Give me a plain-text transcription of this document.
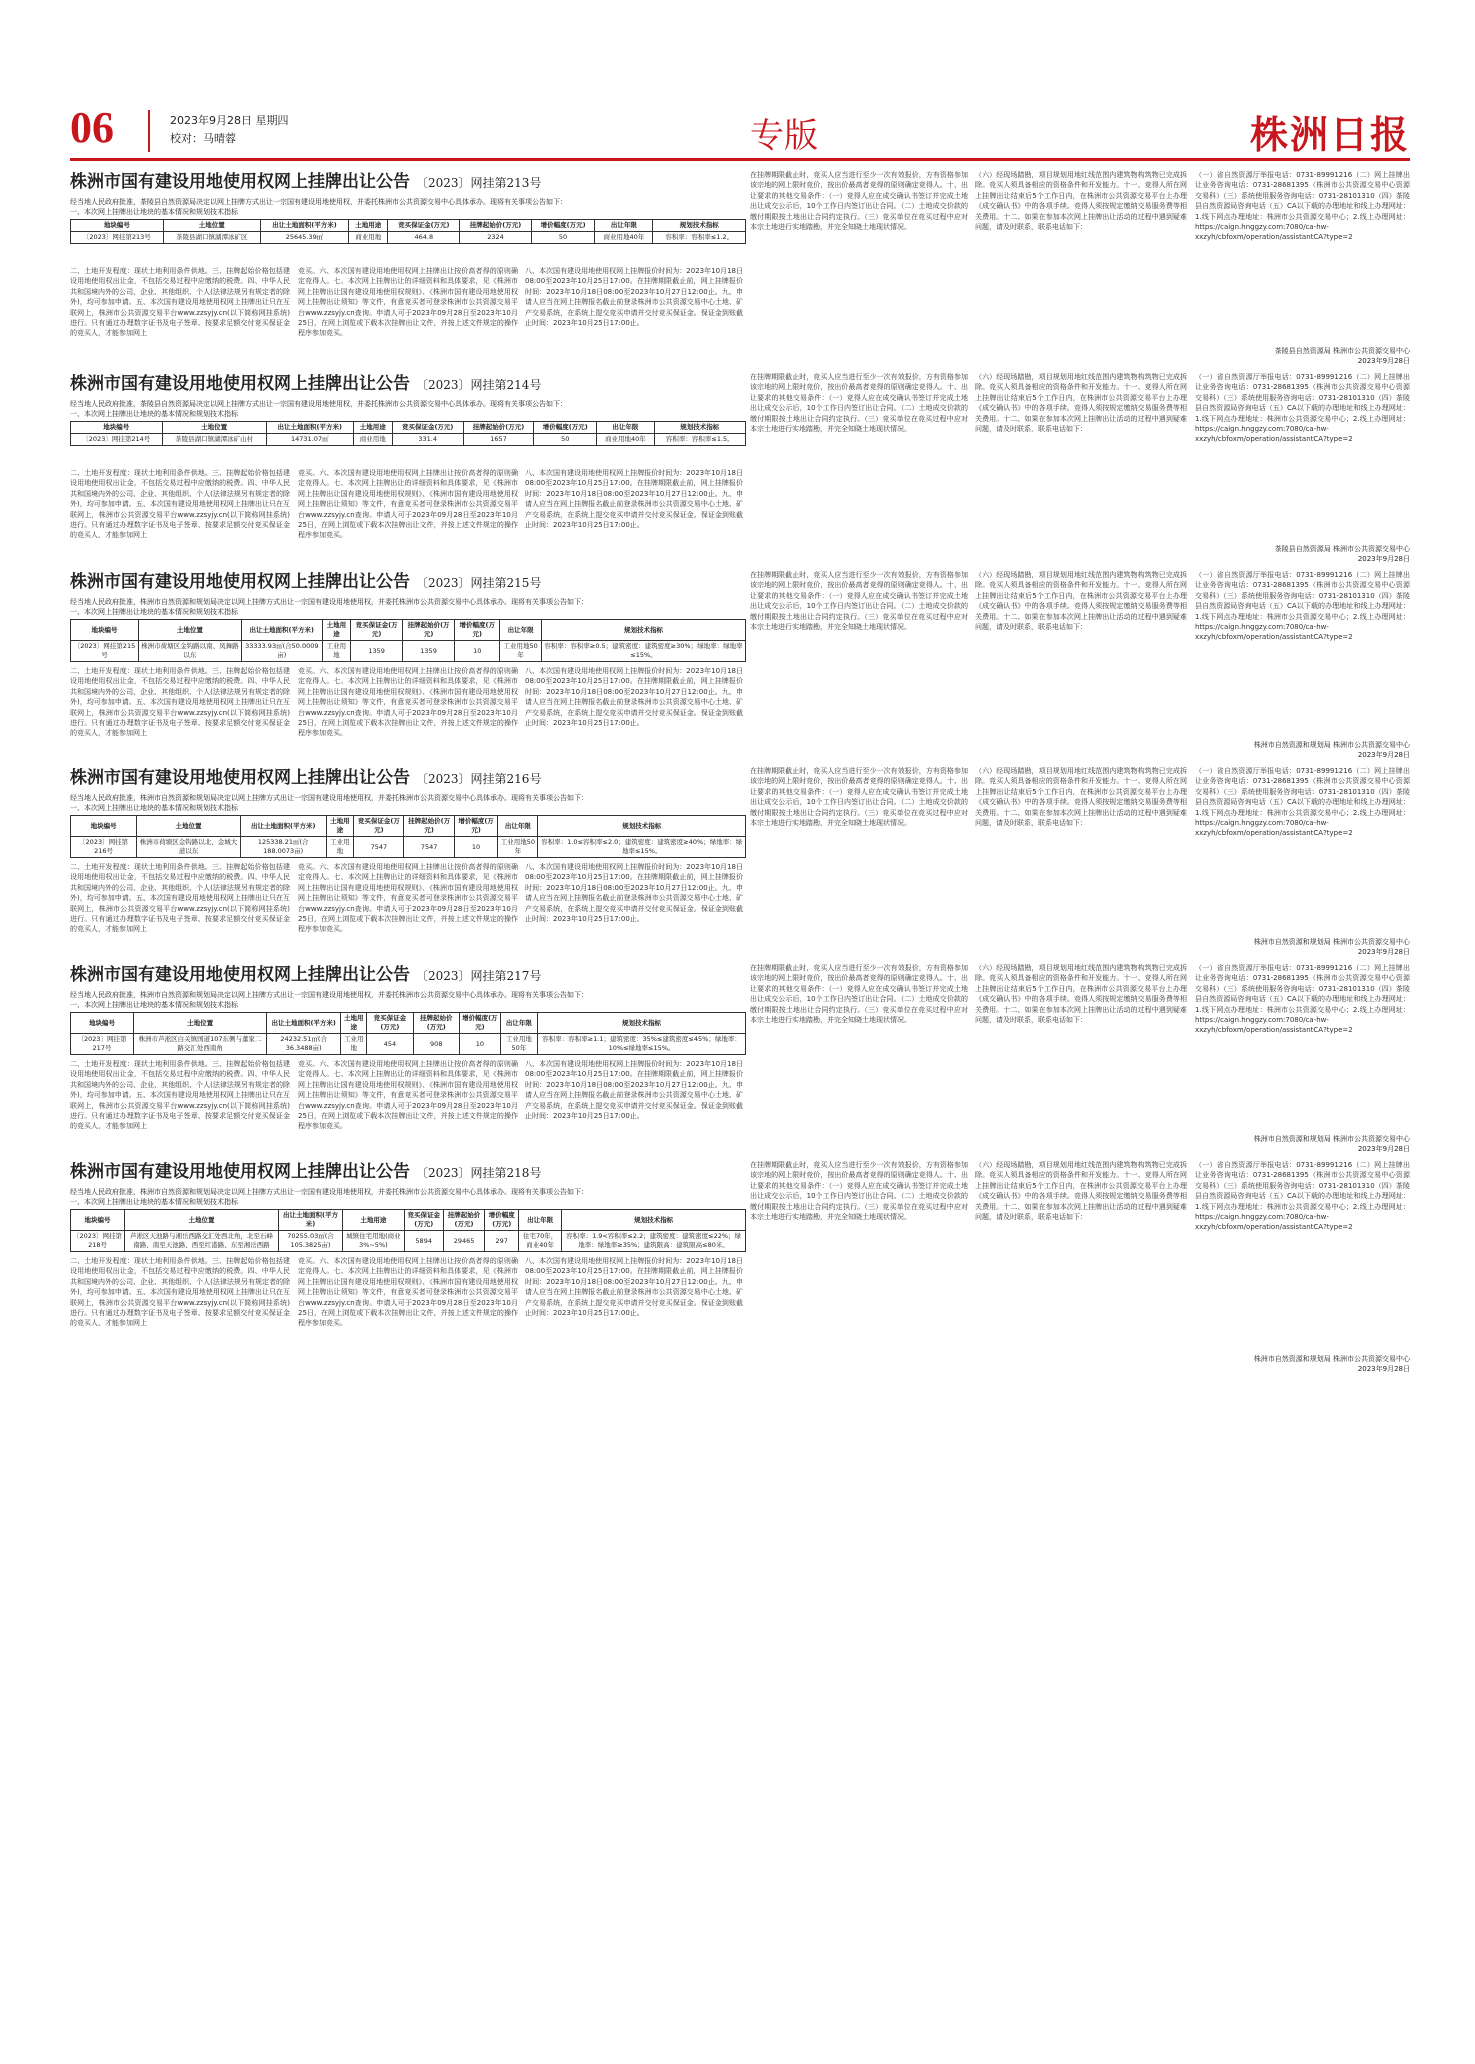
06	2023年9月28日 星期四
校对：马晴蓉	专版	株洲日报
株洲市国有建设用地使用权网上挂牌出让公告 〔2023〕网挂第213号
经当地人民政府批准，茶陵县自然资源局决定以网上挂牌方式出让一宗国有建设用地使用权，并委托株洲市公共资源交易中心具体承办。现将有关事项公告如下：
一、本次网上挂牌出让地块的基本情况和规划技术指标
地块编号	土地位置	出让土地面积(平方米)	土地用途	竞买保证金(万元)	挂牌起始价(万元)	增价幅度(万元)	出让年限	规划技术指标
〔2023〕网挂第213号	茶陵县湖口镇湖潭冰矿区	25645.39㎡	商业用地	464.8	2324	50	商业用地40年	容积率：容积率≤1.2。
二、土地开发程度：现状土地利用条件供地。三、挂牌起始价格包括建设用地使用权出让金，不包括交易过程中应缴纳的税费。四、中华人民共和国境内外的公司、企业、其他组织、个人(法律法规另有规定者的除外)，均可参加申请。五、本次国有建设用地使用权网上挂牌出让只在互联网上，株洲市公共资源交易平台www.zzsyjy.cn(以下简称网挂系统)进行。只有通过办理数字证书及电子签章、按要求足额交付竞买保证金的竞买人，才能参加网上
竞买。六、本次国有建设用地使用权网上挂牌出让按价高者得的原则确定竞得人。七、本次网上挂牌出让的详细资料和具体要求，见《株洲市网上挂牌出让国有建设用地使用权规则》、《株洲市国有建设用地使用权网上挂牌出让须知》等文件，有意竞买者可登录株洲市公共资源交易平台www.zzsyjy.cn查询。申请人可于2023年09月28日至2023年10月25日，在网上浏览或下载本次挂牌出让文件，并按上述文件规定的操作程序参加竞买。
八、本次国有建设用地使用权网上挂牌报价时间为：2023年10月18日08:00至2023年10月25日17:00。在挂牌期限截止前，网上挂牌报价时间：2023年10月18日08:00至2023年10月27日12:00止。九、申请人应当在网上挂牌报名截止前登录株洲市公共资源交易中心土地、矿产交易系统，在系统上提交竞买申请并交付竞买保证金。保证金到账截止时间：2023年10月25日17:00止。
在挂牌期限截止时，竞买人应当进行至少一次有效报价，方有资格参加该宗地的网上限时竞价，按出价最高者竞得的原则确定竞得人。十、出让要求的其他交易条件：（一）竞得人应在成交确认书签订并完成土地出让成交公示后，10个工作日内签订出让合同。（二）土地成交价款的缴付期限按土地出让合同约定执行。（三）竞买单位在竞买过程中应对本宗土地进行实地踏勘，并完全知晓土地现状情况。
（六）经现场踏勘，项目规划用地红线范围内建筑物构筑物已完成拆除。竞买人须具备相应的资格条件和开发能力。十一、竞得人所在网上挂牌出让结束后5个工作日内，在株洲市公共资源交易平台上办理《成交确认书》中的各项手续。竞得人须按规定缴纳交易服务费等相关费用。十二、如果在参加本次网上挂牌出让活动的过程中遇到疑难问题，请及时联系，联系电话如下：
（一）省自然资源厅举报电话：0731-89991216（二）网上挂牌出让业务咨询电话：0731-28681395（株洲市公共资源交易中心资源交易科）（三）系统使用服务咨询电话：0731-28101310（四）茶陵县自然资源局咨询电话（五）CA以下载的办理地址和线上办理网址：1.线下网点办理地址：株洲市公共资源交易中心；2.线上办理网址：https://caign.hnggzy.com:7080/ca-hw-xxzyh/cbfoxm/operation/assistantCA?type=2
茶陵县自然资源局 株洲市公共资源交易中心
2023年9月28日
株洲市国有建设用地使用权网上挂牌出让公告 〔2023〕网挂第214号
经当地人民政府批准，茶陵县自然资源局决定以网上挂牌方式出让一宗国有建设用地使用权，并委托株洲市公共资源交易中心具体承办。现将有关事项公告如下：
一、本次网上挂牌出让地块的基本情况和规划技术指标
地块编号	土地位置	出让土地面积(平方米)	土地用途	竞买保证金(万元)	挂牌起始价(万元)	增价幅度(万元)	出让年限	规划技术指标
〔2023〕网挂第214号	茶陵县湖口镇湖潭冰矿山村	14731.07㎡	商业用地	331.4	1657	50	商业用地40年	容积率：容积率≤1.5。
二、土地开发程度：现状土地利用条件供地。三、挂牌起始价格包括建设用地使用权出让金，不包括交易过程中应缴纳的税费。四、中华人民共和国境内外的公司、企业、其他组织、个人(法律法规另有规定者的除外)，均可参加申请。五、本次国有建设用地使用权网上挂牌出让只在互联网上，株洲市公共资源交易平台www.zzsyjy.cn(以下简称网挂系统)进行。只有通过办理数字证书及电子签章、按要求足额交付竞买保证金的竞买人，才能参加网上
竞买。六、本次国有建设用地使用权网上挂牌出让按价高者得的原则确定竞得人。七、本次网上挂牌出让的详细资料和具体要求，见《株洲市网上挂牌出让国有建设用地使用权规则》、《株洲市国有建设用地使用权网上挂牌出让须知》等文件，有意竞买者可登录株洲市公共资源交易平台www.zzsyjy.cn查询。申请人可于2023年09月28日至2023年10月25日，在网上浏览或下载本次挂牌出让文件，并按上述文件规定的操作程序参加竞买。
八、本次国有建设用地使用权网上挂牌报价时间为：2023年10月18日08:00至2023年10月25日17:00。在挂牌期限截止前，网上挂牌报价时间：2023年10月18日08:00至2023年10月27日12:00止。九、申请人应当在网上挂牌报名截止前登录株洲市公共资源交易中心土地、矿产交易系统，在系统上提交竞买申请并交付竞买保证金。保证金到账截止时间：2023年10月25日17:00止。
在挂牌期限截止时，竞买人应当进行至少一次有效报价，方有资格参加该宗地的网上限时竞价，按出价最高者竞得的原则确定竞得人。十、出让要求的其他交易条件：（一）竞得人应在成交确认书签订并完成土地出让成交公示后，10个工作日内签订出让合同。（二）土地成交价款的缴付期限按土地出让合同约定执行。（三）竞买单位在竞买过程中应对本宗土地进行实地踏勘，并完全知晓土地现状情况。
（六）经现场踏勘，项目规划用地红线范围内建筑物构筑物已完成拆除。竞买人须具备相应的资格条件和开发能力。十一、竞得人所在网上挂牌出让结束后5个工作日内，在株洲市公共资源交易平台上办理《成交确认书》中的各项手续。竞得人须按规定缴纳交易服务费等相关费用。十二、如果在参加本次网上挂牌出让活动的过程中遇到疑难问题，请及时联系，联系电话如下：
（一）省自然资源厅举报电话：0731-89991216（二）网上挂牌出让业务咨询电话：0731-28681395（株洲市公共资源交易中心资源交易科）（三）系统使用服务咨询电话：0731-28101310（四）茶陵县自然资源局咨询电话（五）CA以下载的办理地址和线上办理网址：1.线下网点办理地址：株洲市公共资源交易中心；2.线上办理网址：https://caign.hnggzy.com:7080/ca-hw-xxzyh/cbfoxm/operation/assistantCA?type=2
茶陵县自然资源局 株洲市公共资源交易中心
2023年9月28日
株洲市国有建设用地使用权网上挂牌出让公告 〔2023〕网挂第215号
经当地人民政府批准，株洲市自然资源和规划局决定以网上挂牌方式出让一宗国有建设用地使用权，并委托株洲市公共资源交易中心具体承办。现将有关事项公告如下：
一、本次网上挂牌出让地块的基本情况和规划技术指标
地块编号	土地位置	出让土地面积(平方米)	土地用途	竞买保证金(万元)	挂牌起始价(万元)	增价幅度(万元)	出让年限	规划技术指标
〔2023〕网挂第215号	株洲市荷塘区金钩路以南、凤舞路以东	33333.93㎡(合50.0009亩)	工业用地	1359	1359	10	工业用地50年	容积率：容积率≥0.5；建筑密度：建筑密度≥30%；绿地率：绿地率≤15%。
二、土地开发程度：现状土地利用条件供地。三、挂牌起始价格包括建设用地使用权出让金，不包括交易过程中应缴纳的税费。四、中华人民共和国境内外的公司、企业、其他组织、个人(法律法规另有规定者的除外)，均可参加申请。五、本次国有建设用地使用权网上挂牌出让只在互联网上，株洲市公共资源交易平台www.zzsyjy.cn(以下简称网挂系统)进行。只有通过办理数字证书及电子签章、按要求足额交付竞买保证金的竞买人，才能参加网上
竞买。六、本次国有建设用地使用权网上挂牌出让按价高者得的原则确定竞得人。七、本次网上挂牌出让的详细资料和具体要求，见《株洲市网上挂牌出让国有建设用地使用权规则》、《株洲市国有建设用地使用权网上挂牌出让须知》等文件，有意竞买者可登录株洲市公共资源交易平台www.zzsyjy.cn查询。申请人可于2023年09月28日至2023年10月25日，在网上浏览或下载本次挂牌出让文件，并按上述文件规定的操作程序参加竞买。
八、本次国有建设用地使用权网上挂牌报价时间为：2023年10月18日08:00至2023年10月25日17:00。在挂牌期限截止前，网上挂牌报价时间：2023年10月18日08:00至2023年10月27日12:00止。九、申请人应当在网上挂牌报名截止前登录株洲市公共资源交易中心土地、矿产交易系统，在系统上提交竞买申请并交付竞买保证金。保证金到账截止时间：2023年10月25日17:00止。
在挂牌期限截止时，竞买人应当进行至少一次有效报价，方有资格参加该宗地的网上限时竞价，按出价最高者竞得的原则确定竞得人。十、出让要求的其他交易条件：（一）竞得人应在成交确认书签订并完成土地出让成交公示后，10个工作日内签订出让合同。（二）土地成交价款的缴付期限按土地出让合同约定执行。（三）竞买单位在竞买过程中应对本宗土地进行实地踏勘，并完全知晓土地现状情况。
（六）经现场踏勘，项目规划用地红线范围内建筑物构筑物已完成拆除。竞买人须具备相应的资格条件和开发能力。十一、竞得人所在网上挂牌出让结束后5个工作日内，在株洲市公共资源交易平台上办理《成交确认书》中的各项手续。竞得人须按规定缴纳交易服务费等相关费用。十二、如果在参加本次网上挂牌出让活动的过程中遇到疑难问题，请及时联系，联系电话如下：
（一）省自然资源厅举报电话：0731-89991216（二）网上挂牌出让业务咨询电话：0731-28681395（株洲市公共资源交易中心资源交易科）（三）系统使用服务咨询电话：0731-28101310（四）茶陵县自然资源局咨询电话（五）CA以下载的办理地址和线上办理网址：1.线下网点办理地址：株洲市公共资源交易中心；2.线上办理网址：https://caign.hnggzy.com:7080/ca-hw-xxzyh/cbfoxm/operation/assistantCA?type=2
株洲市自然资源和规划局 株洲市公共资源交易中心
2023年9月28日
株洲市国有建设用地使用权网上挂牌出让公告 〔2023〕网挂第216号
经当地人民政府批准，株洲市自然资源和规划局决定以网上挂牌方式出让一宗国有建设用地使用权，并委托株洲市公共资源交易中心具体承办。现将有关事项公告如下：
一、本次网上挂牌出让地块的基本情况和规划技术指标
地块编号	土地位置	出让土地面积(平方米)	土地用途	竞买保证金(万元)	挂牌起始价(万元)	增价幅度(万元)	出让年限	规划技术指标
〔2023〕网挂第216号	株洲市荷塘区金钩路以北、金城大道以东	125338.21㎡(合188.0073亩)	工业用地	7547	7547	10	工业用地50年	容积率：1.0≤容积率≤2.0；建筑密度：建筑密度≥40%；绿地率：绿地率≤15%。
二、土地开发程度：现状土地利用条件供地。三、挂牌起始价格包括建设用地使用权出让金，不包括交易过程中应缴纳的税费。四、中华人民共和国境内外的公司、企业、其他组织、个人(法律法规另有规定者的除外)，均可参加申请。五、本次国有建设用地使用权网上挂牌出让只在互联网上，株洲市公共资源交易平台www.zzsyjy.cn(以下简称网挂系统)进行。只有通过办理数字证书及电子签章、按要求足额交付竞买保证金的竞买人，才能参加网上
竞买。六、本次国有建设用地使用权网上挂牌出让按价高者得的原则确定竞得人。七、本次网上挂牌出让的详细资料和具体要求，见《株洲市网上挂牌出让国有建设用地使用权规则》、《株洲市国有建设用地使用权网上挂牌出让须知》等文件，有意竞买者可登录株洲市公共资源交易平台www.zzsyjy.cn查询。申请人可于2023年09月28日至2023年10月25日，在网上浏览或下载本次挂牌出让文件，并按上述文件规定的操作程序参加竞买。
八、本次国有建设用地使用权网上挂牌报价时间为：2023年10月18日08:00至2023年10月25日17:00。在挂牌期限截止前，网上挂牌报价时间：2023年10月18日08:00至2023年10月27日12:00止。九、申请人应当在网上挂牌报名截止前登录株洲市公共资源交易中心土地、矿产交易系统，在系统上提交竞买申请并交付竞买保证金。保证金到账截止时间：2023年10月25日17:00止。
在挂牌期限截止时，竞买人应当进行至少一次有效报价，方有资格参加该宗地的网上限时竞价，按出价最高者竞得的原则确定竞得人。十、出让要求的其他交易条件：（一）竞得人应在成交确认书签订并完成土地出让成交公示后，10个工作日内签订出让合同。（二）土地成交价款的缴付期限按土地出让合同约定执行。（三）竞买单位在竞买过程中应对本宗土地进行实地踏勘，并完全知晓土地现状情况。
（六）经现场踏勘，项目规划用地红线范围内建筑物构筑物已完成拆除。竞买人须具备相应的资格条件和开发能力。十一、竞得人所在网上挂牌出让结束后5个工作日内，在株洲市公共资源交易平台上办理《成交确认书》中的各项手续。竞得人须按规定缴纳交易服务费等相关费用。十二、如果在参加本次网上挂牌出让活动的过程中遇到疑难问题，请及时联系，联系电话如下：
（一）省自然资源厅举报电话：0731-89991216（二）网上挂牌出让业务咨询电话：0731-28681395（株洲市公共资源交易中心资源交易科）（三）系统使用服务咨询电话：0731-28101310（四）茶陵县自然资源局咨询电话（五）CA以下载的办理地址和线上办理网址：1.线下网点办理地址：株洲市公共资源交易中心；2.线上办理网址：https://caign.hnggzy.com:7080/ca-hw-xxzyh/cbfoxm/operation/assistantCA?type=2
株洲市自然资源和规划局 株洲市公共资源交易中心
2023年9月28日
株洲市国有建设用地使用权网上挂牌出让公告 〔2023〕网挂第217号
经当地人民政府批准，株洲市自然资源和规划局决定以网上挂牌方式出让一宗国有建设用地使用权，并委托株洲市公共资源交易中心具体承办。现将有关事项公告如下：
一、本次网上挂牌出让地块的基本情况和规划技术指标
地块编号	土地位置	出让土地面积(平方米)	土地用途	竞买保证金(万元)	挂牌起始价(万元)	增价幅度(万元)	出让年限	规划技术指标
〔2023〕网挂第217号	株洲市芦淞区白关镇国道107东侧与董家二路交汇处西南角	24232.51㎡(合36.3488亩)	工业用地	454	908	10	工业用地50年	容积率：容积率≥1.1；建筑密度：35%≤建筑密度≤45%；绿地率：10%≤绿地率≤15%。
二、土地开发程度：现状土地利用条件供地。三、挂牌起始价格包括建设用地使用权出让金，不包括交易过程中应缴纳的税费。四、中华人民共和国境内外的公司、企业、其他组织、个人(法律法规另有规定者的除外)，均可参加申请。五、本次国有建设用地使用权网上挂牌出让只在互联网上，株洲市公共资源交易平台www.zzsyjy.cn(以下简称网挂系统)进行。只有通过办理数字证书及电子签章、按要求足额交付竞买保证金的竞买人，才能参加网上
竞买。六、本次国有建设用地使用权网上挂牌出让按价高者得的原则确定竞得人。七、本次网上挂牌出让的详细资料和具体要求，见《株洲市网上挂牌出让国有建设用地使用权规则》、《株洲市国有建设用地使用权网上挂牌出让须知》等文件，有意竞买者可登录株洲市公共资源交易平台www.zzsyjy.cn查询。申请人可于2023年09月28日至2023年10月25日，在网上浏览或下载本次挂牌出让文件，并按上述文件规定的操作程序参加竞买。
八、本次国有建设用地使用权网上挂牌报价时间为：2023年10月18日08:00至2023年10月25日17:00。在挂牌期限截止前，网上挂牌报价时间：2023年10月18日08:00至2023年10月27日12:00止。九、申请人应当在网上挂牌报名截止前登录株洲市公共资源交易中心土地、矿产交易系统，在系统上提交竞买申请并交付竞买保证金。保证金到账截止时间：2023年10月25日17:00止。
在挂牌期限截止时，竞买人应当进行至少一次有效报价，方有资格参加该宗地的网上限时竞价，按出价最高者竞得的原则确定竞得人。十、出让要求的其他交易条件：（一）竞得人应在成交确认书签订并完成土地出让成交公示后，10个工作日内签订出让合同。（二）土地成交价款的缴付期限按土地出让合同约定执行。（三）竞买单位在竞买过程中应对本宗土地进行实地踏勘，并完全知晓土地现状情况。
（六）经现场踏勘，项目规划用地红线范围内建筑物构筑物已完成拆除。竞买人须具备相应的资格条件和开发能力。十一、竞得人所在网上挂牌出让结束后5个工作日内，在株洲市公共资源交易平台上办理《成交确认书》中的各项手续。竞得人须按规定缴纳交易服务费等相关费用。十二、如果在参加本次网上挂牌出让活动的过程中遇到疑难问题，请及时联系，联系电话如下：
（一）省自然资源厅举报电话：0731-89991216（二）网上挂牌出让业务咨询电话：0731-28681395（株洲市公共资源交易中心资源交易科）（三）系统使用服务咨询电话：0731-28101310（四）茶陵县自然资源局咨询电话（五）CA以下载的办理地址和线上办理网址：1.线下网点办理地址：株洲市公共资源交易中心；2.线上办理网址：https://caign.hnggzy.com:7080/ca-hw-xxzyh/cbfoxm/operation/assistantCA?type=2
株洲市自然资源和规划局 株洲市公共资源交易中心
2023年9月28日
株洲市国有建设用地使用权网上挂牌出让公告 〔2023〕网挂第218号
经当地人民政府批准，株洲市自然资源和规划局决定以网上挂牌方式出让一宗国有建设用地使用权，并委托株洲市公共资源交易中心具体承办。现将有关事项公告如下：
一、本次网上挂牌出让地块的基本情况和规划技术指标
地块编号	土地位置	出让土地面积(平方米)	土地用途	竞买保证金(万元)	挂牌起始价(万元)	增价幅度(万元)	出让年限	规划技术指标
〔2023〕网挂第218号	芦淞区天池路与湘岳西路交汇处西北角，北至石峰南路、南至天池路、西至红港路、东至湘岳西路	70255.03㎡(合105.3825亩)	城镇住宅用地(商业3%~5%)	5894	29465	297	住宅70年，商业40年	容积率：1.9<容积率≤2.2；建筑密度：建筑密度≤22%；绿地率：绿地率≥35%；建筑限高：建筑限高≤80米。
二、土地开发程度：现状土地利用条件供地。三、挂牌起始价格包括建设用地使用权出让金，不包括交易过程中应缴纳的税费。四、中华人民共和国境内外的公司、企业、其他组织、个人(法律法规另有规定者的除外)，均可参加申请。五、本次国有建设用地使用权网上挂牌出让只在互联网上，株洲市公共资源交易平台www.zzsyjy.cn(以下简称网挂系统)进行。只有通过办理数字证书及电子签章、按要求足额交付竞买保证金的竞买人，才能参加网上
竞买。六、本次国有建设用地使用权网上挂牌出让按价高者得的原则确定竞得人。七、本次网上挂牌出让的详细资料和具体要求，见《株洲市网上挂牌出让国有建设用地使用权规则》、《株洲市国有建设用地使用权网上挂牌出让须知》等文件，有意竞买者可登录株洲市公共资源交易平台www.zzsyjy.cn查询。申请人可于2023年09月28日至2023年10月25日，在网上浏览或下载本次挂牌出让文件，并按上述文件规定的操作程序参加竞买。
八、本次国有建设用地使用权网上挂牌报价时间为：2023年10月18日08:00至2023年10月25日17:00。在挂牌期限截止前，网上挂牌报价时间：2023年10月18日08:00至2023年10月27日12:00止。九、申请人应当在网上挂牌报名截止前登录株洲市公共资源交易中心土地、矿产交易系统，在系统上提交竞买申请并交付竞买保证金。保证金到账截止时间：2023年10月25日17:00止。
在挂牌期限截止时，竞买人应当进行至少一次有效报价，方有资格参加该宗地的网上限时竞价，按出价最高者竞得的原则确定竞得人。十、出让要求的其他交易条件：（一）竞得人应在成交确认书签订并完成土地出让成交公示后，10个工作日内签订出让合同。（二）土地成交价款的缴付期限按土地出让合同约定执行。（三）竞买单位在竞买过程中应对本宗土地进行实地踏勘，并完全知晓土地现状情况。
（六）经现场踏勘，项目规划用地红线范围内建筑物构筑物已完成拆除。竞买人须具备相应的资格条件和开发能力。十一、竞得人所在网上挂牌出让结束后5个工作日内，在株洲市公共资源交易平台上办理《成交确认书》中的各项手续。竞得人须按规定缴纳交易服务费等相关费用。十二、如果在参加本次网上挂牌出让活动的过程中遇到疑难问题，请及时联系，联系电话如下：
（一）省自然资源厅举报电话：0731-89991216（二）网上挂牌出让业务咨询电话：0731-28681395（株洲市公共资源交易中心资源交易科）（三）系统使用服务咨询电话：0731-28101310（四）茶陵县自然资源局咨询电话（五）CA以下载的办理地址和线上办理网址：1.线下网点办理地址：株洲市公共资源交易中心；2.线上办理网址：https://caign.hnggzy.com:7080/ca-hw-xxzyh/cbfoxm/operation/assistantCA?type=2
株洲市自然资源和规划局 株洲市公共资源交易中心
2023年9月28日
